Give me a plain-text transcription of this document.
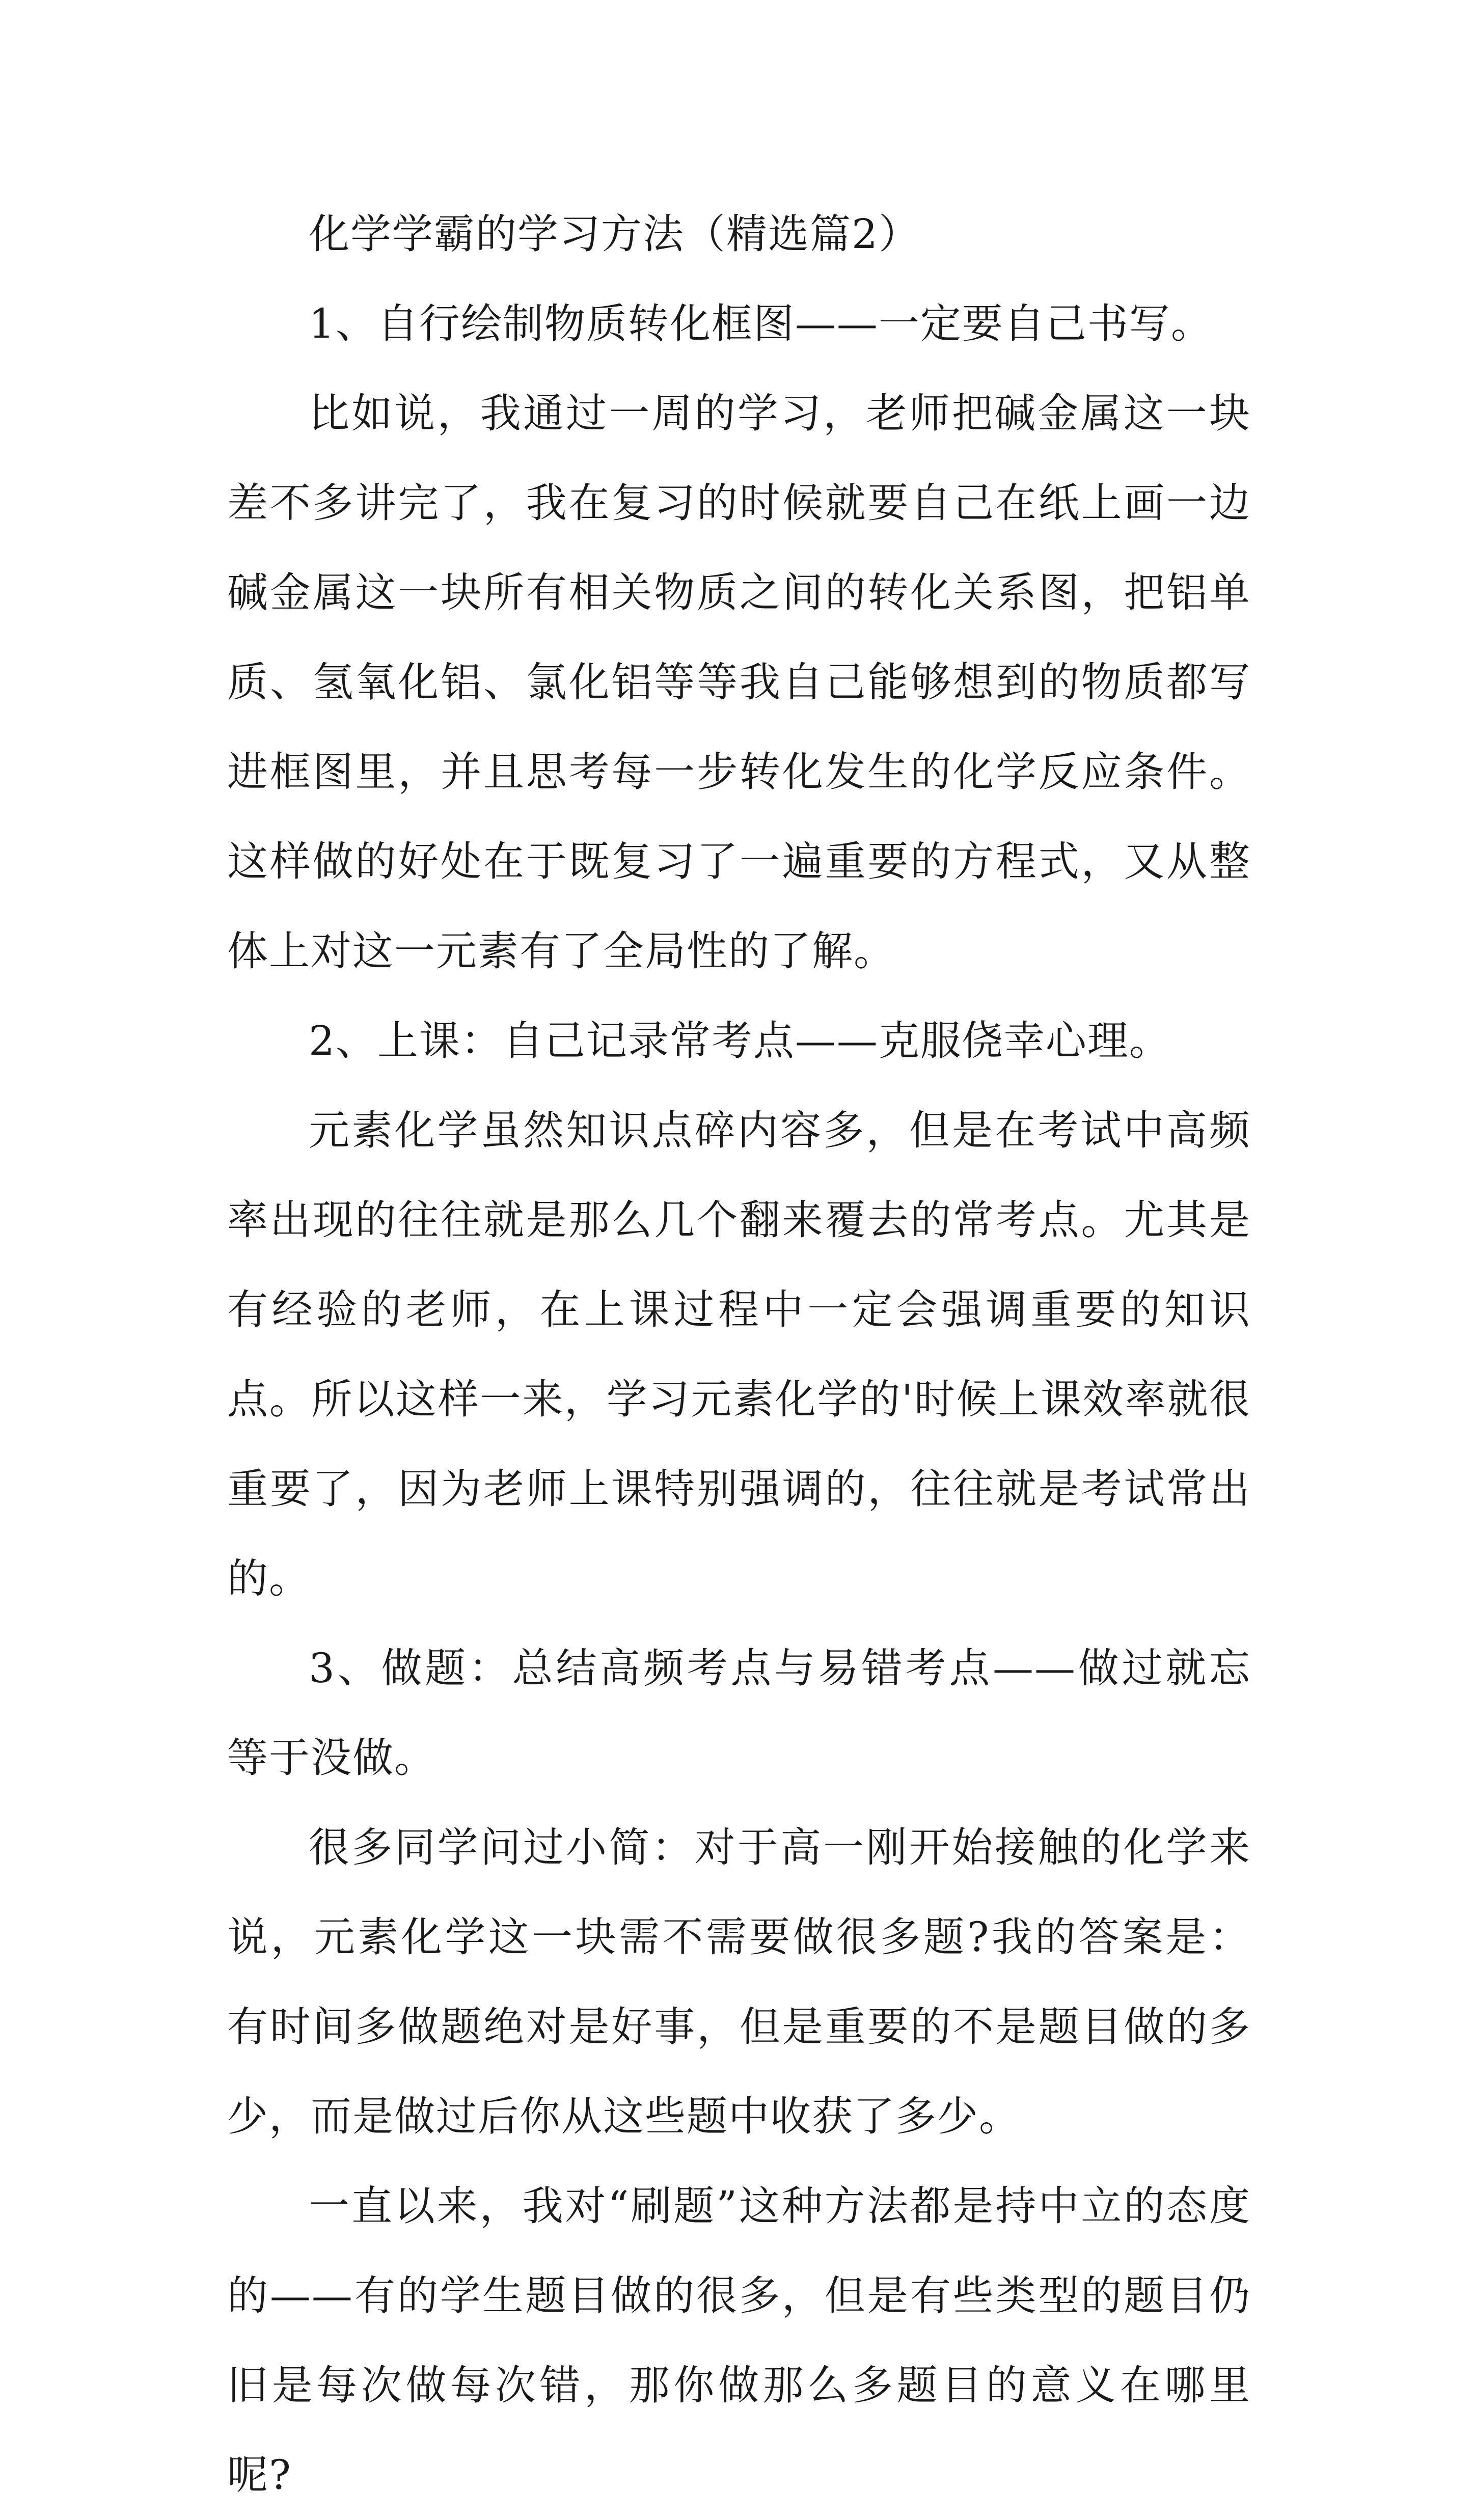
化学学霸的学习方法（精选篇2）

1、自行绘制物质转化框图——一定要自己书写。

比如说，我通过一周的学习，老师把碱金属这一块差不多讲完了，我在复习的时候就要自己在纸上画一边碱金属这一块所有相关物质之间的转化关系图，把铝单质、氢氧化铝、氯化铝等等我自己能够想到的物质都写进框图里，并且思考每一步转化发生的化学反应条件。这样做的好处在于既复习了一遍重要的方程式，又从整体上对这一元素有了全局性的了解。

2、上课：自己记录常考点——克服侥幸心理。

元素化学虽然知识点碎内容多，但是在考试中高频率出现的往往就是那么几个翻来覆去的常考点。尤其是有经验的老师，在上课过程中一定会强调重要的知识点。所以这样一来，学习元素化学的'时候上课效率就很重要了，因为老师上课特别强调的，往往就是考试常出的。

3、做题：总结高频考点与易错考点——做过就忘等于没做。

很多同学问过小简：对于高一刚开始接触的化学来说，元素化学这一块需不需要做很多题?我的答案是：有时间多做题绝对是好事，但是重要的不是题目做的多少，而是做过后你从这些题中收获了多少。

一直以来，我对“刷题”这种方法都是持中立的态度的——有的学生题目做的很多，但是有些类型的题目仍旧是每次做每次错，那你做那么多题目的意义在哪里呢?
